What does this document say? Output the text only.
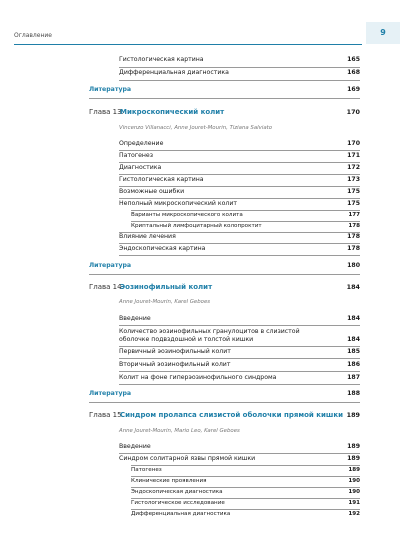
Оглавление	9
Гистологическая картина	165
Дифференциальная диагностика	168
Литература	169
Глава 13.
Микроскопический колит	170
Vincenzo Villanacci, Anne Jouret-Mourin, Tiziana Salviato
Определение	170
Патогенез	171
Диагностика	172
Гистологическая картина	173
Возможные ошибки	175
Неполный микроскопический колит	175
Варианты микроскопического колита	177
Криптальный лимфоцитарный колопроктит	178
Влияние лечения	178
Эндоскопическая картина	178
Литература	180
Глава 14.
Эозинофильный колит	184
Anne Jouret-Mourin, Karel Geboes
Введение	184
Количество эозинофильных гранулоцитов в слизистой оболочке подвздошной и толстой кишки	184
Первичный эозинофильный колит	185
Вторичный эозинофильный колит	186
Колит на фоне гиперэозинофильного синдрома	187
Литература	188
Глава 15.
Синдром пролапса слизистой оболочки прямой кишки 189
Anne Jouret-Mourin, Mario Leo, Karel Geboes
Введение	189
Синдром солитарной язвы прямой кишки	189
Патогенез	189
Клинические проявления	190
Эндоскопическая диагностика	190
Гистологическое исследование	191
Дифференциальная диагностика	192
